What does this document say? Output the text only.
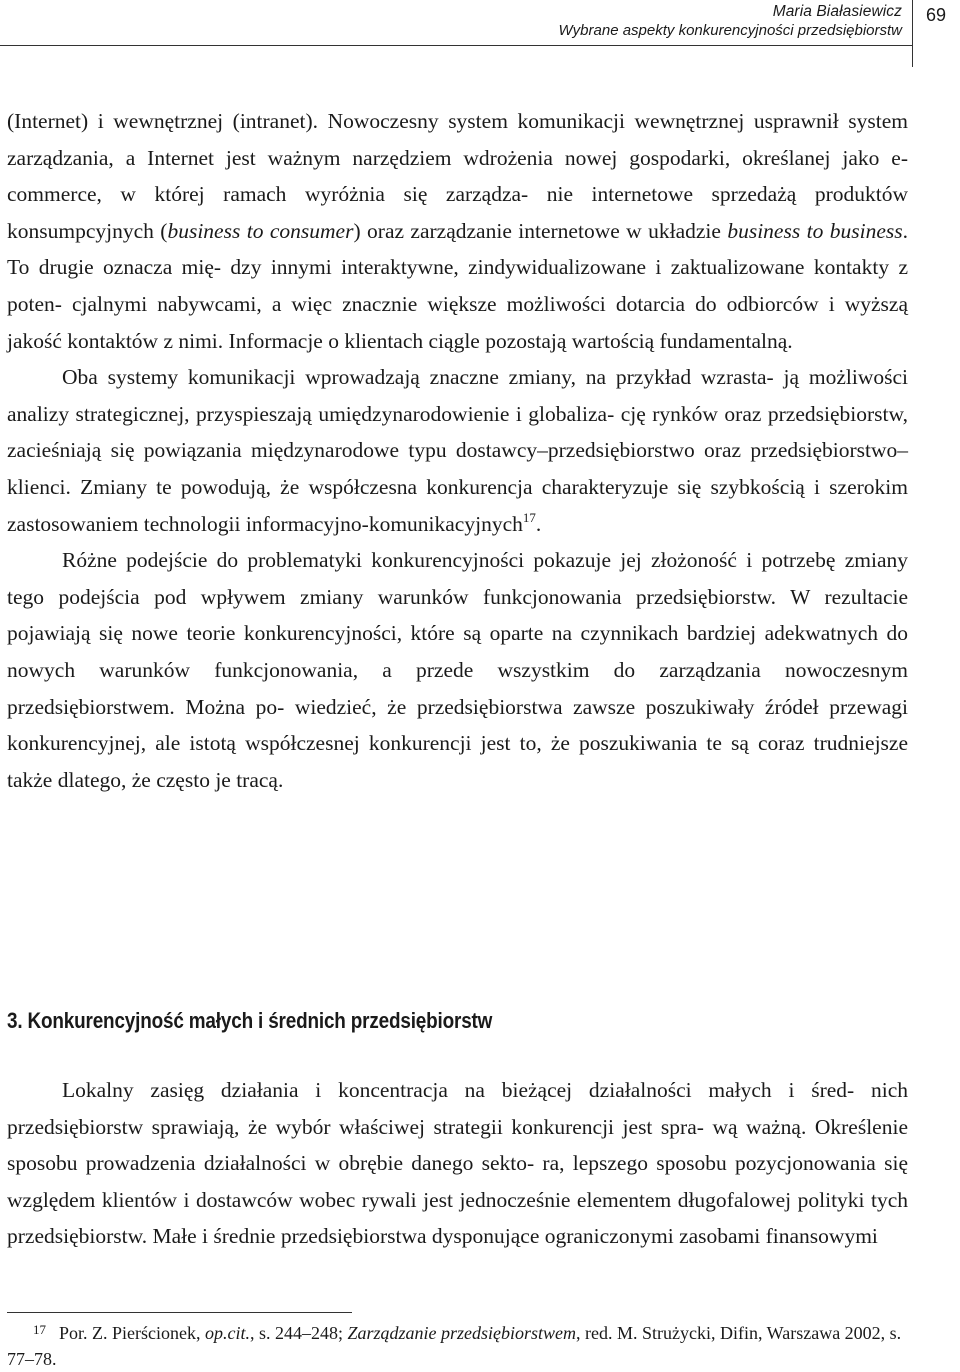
Maria Białasiewicz
Wybrane aspekty konkurencyjności przedsiębiorstw
69

(Internet) i wewnętrznej (intranet). Nowoczesny system komunikacji wewnętrznej usprawnił system zarządzania, a Internet jest ważnym narzędziem wdrożenia nowej gospodarki, określanej jako e-commerce, w której ramach wyróżnia się zarządza- nie internetowe sprzedażą produktów konsumpcyjnych (business to consumer) oraz zarządzanie internetowe w układzie business to business. To drugie oznacza mię- dzy innymi interaktywne, zindywidualizowane i zaktualizowane kontakty z poten- cjalnymi nabywcami, a więc znacznie większe możliwości dotarcia do odbiorców i wyższą jakość kontaktów z nimi. Informacje o klientach ciągle pozostają wartością fundamentalną.

Oba systemy komunikacji wprowadzają znaczne zmiany, na przykład wzrasta- ją możliwości analizy strategicznej, przyspieszają umiędzynarodowienie i globaliza- cję rynków oraz przedsiębiorstw, zacieśniają się powiązania międzynarodowe typu dostawcy–przedsiębiorstwo oraz przedsiębiorstwo–klienci. Zmiany te powodują, że współczesna konkurencja charakteryzuje się szybkością i szerokim zastosowaniem technologii informacyjno-komunikacyjnych$^{17}$.

Różne podejście do problematyki konkurencyjności pokazuje jej złożoność i potrzebę zmiany tego podejścia pod wpływem zmiany warunków funkcjonowania przedsiębiorstw. W rezultacie pojawiają się nowe teorie konkurencyjności, które są oparte na czynnikach bardziej adekwatnych do nowych warunków funkcjonowania, a przede wszystkim do zarządzania nowoczesnym przedsiębiorstwem. Można po- wiedzieć, że przedsiębiorstwa zawsze poszukiwały źródeł przewagi konkurencyjnej, ale istotą współczesnej konkurencji jest to, że poszukiwania te są coraz trudniejsze także dlatego, że często je tracą.

3. Konkurencyjność małych i średnich przedsiębiorstw

Lokalny zasięg działania i koncentracja na bieżącej działalności małych i śred- nich przedsiębiorstw sprawiają, że wybór właściwej strategii konkurencji jest spra- wą ważną. Określenie sposobu prowadzenia działalności w obrębie danego sekto- ra, lepszego sposobu pozycjonowania się względem klientów i dostawców wobec rywali jest jednocześnie elementem długofalowej polityki tych przedsiębiorstw. Małe i średnie przedsiębiorstwa dysponujące ograniczonymi zasobami finansowymi

17 Por. Z. Pierścionek, op.cit., s. 244–248; Zarządzanie przedsiębiorstwem, red. M. Strużycki, Difin, Warszawa 2002, s. 77–78.
